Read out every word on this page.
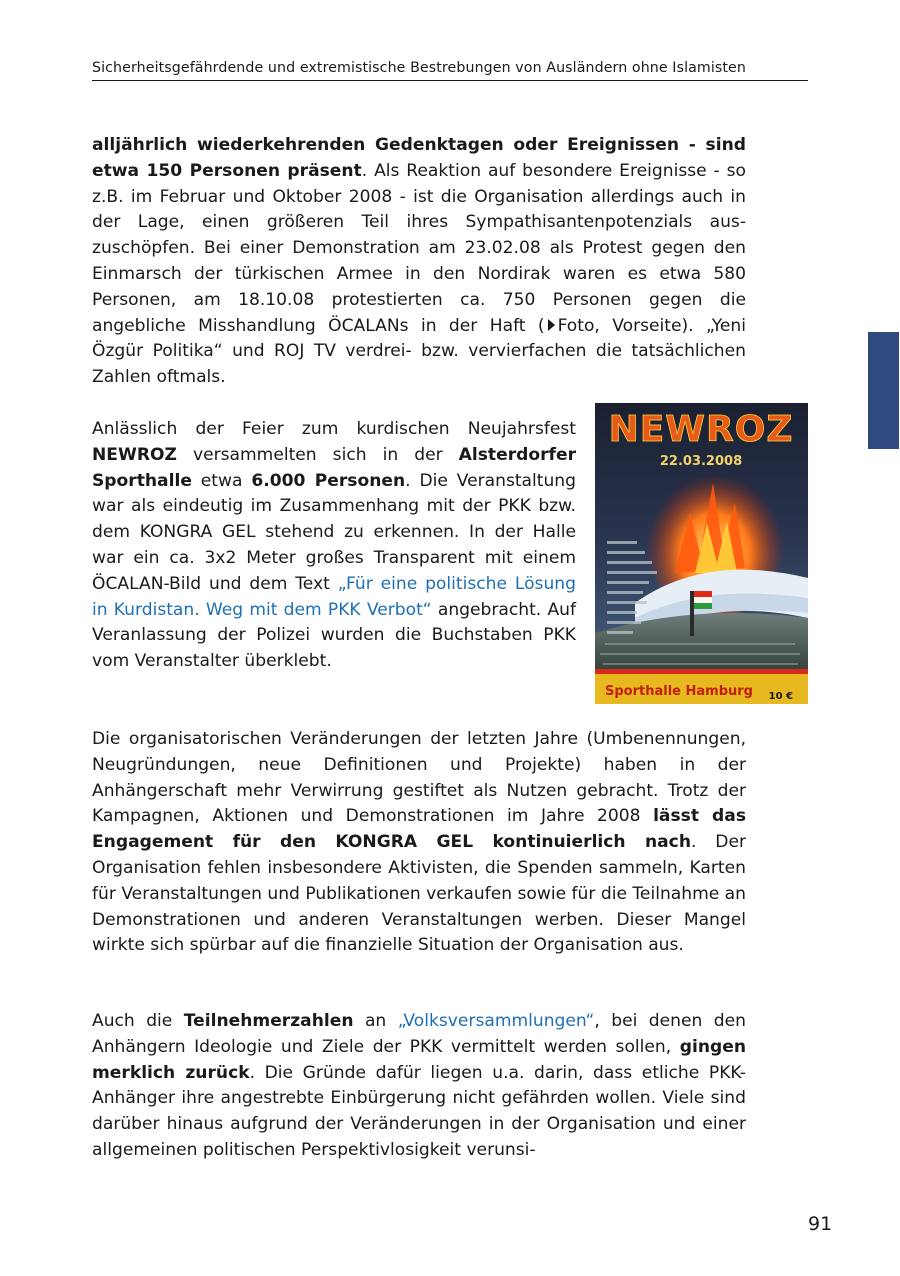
Sicherheitsgefährdende und extremistische Bestrebungen von Ausländern ohne Islamisten

alljährlich wiederkehrenden Gedenktagen oder Ereignissen - sind etwa 150 Personen präsent. Als Reaktion auf besondere Ereignisse - so z.B. im Februar und Oktober 2008 - ist die Organisation allerdings auch in der Lage, einen größeren Teil ihres Sympathisantenpotenzials auszuschöpfen. Bei einer Demonstration am 23.02.08 als Protest gegen den Einmarsch der türkischen Armee in den Nordirak waren es etwa 580 Personen, am 18.10.08 protestierten ca. 750 Personen gegen die angebliche Misshandlung ÖCALANs in der Haft ( Foto, Vorseite). „Yeni Özgür Politika“ und ROJ TV verdrei- bzw. vervierfachen die tatsächlichen Zahlen oftmals.

Anlässlich der Feier zum kurdischen Neujahrsfest NEWROZ versammelten sich in der Alsterdorfer Sporthalle etwa 6.000 Personen. Die Veranstaltung war als eindeutig im Zusammenhang mit der PKK bzw. dem KONGRA GEL stehend zu erkennen. In der Halle war ein ca. 3x2 Meter großes Transparent mit einem ÖCALAN-Bild und dem Text „Für eine politische Lösung in Kurdistan. Weg mit dem PKK Verbot“ angebracht. Auf Veranlassung der Polizei wurden die Buchstaben PKK vom Veranstalter überklebt.

NEWROZ
22.03.2008
Sporthalle Hamburg 10 €

Die organisatorischen Veränderungen der letzten Jahre (Umbenennungen, Neugründungen, neue Definitionen und Projekte) haben in der Anhängerschaft mehr Verwirrung gestiftet als Nutzen gebracht. Trotz der Kampagnen, Aktionen und Demonstrationen im Jahre 2008 lässt das Engagement für den KONGRA GEL kontinuierlich nach. Der Organisation fehlen insbesondere Aktivisten, die Spenden sammeln, Karten für Veranstaltungen und Publikationen verkaufen sowie für die Teilnahme an Demonstrationen und anderen Veranstaltungen werben. Dieser Mangel wirkte sich spürbar auf die finanzielle Situation der Organisation aus.

Auch die Teilnehmerzahlen an „Volksversammlungen“, bei denen den Anhängern Ideologie und Ziele der PKK vermittelt werden sollen, gingen merklich zurück. Die Gründe dafür liegen u.a. darin, dass etliche PKK-Anhänger ihre angestrebte Einbürgerung nicht gefährden wollen. Viele sind darüber hinaus aufgrund der Veränderungen in der Organisation und einer allgemeinen politischen Perspektivlosigkeit verunsi-

91
